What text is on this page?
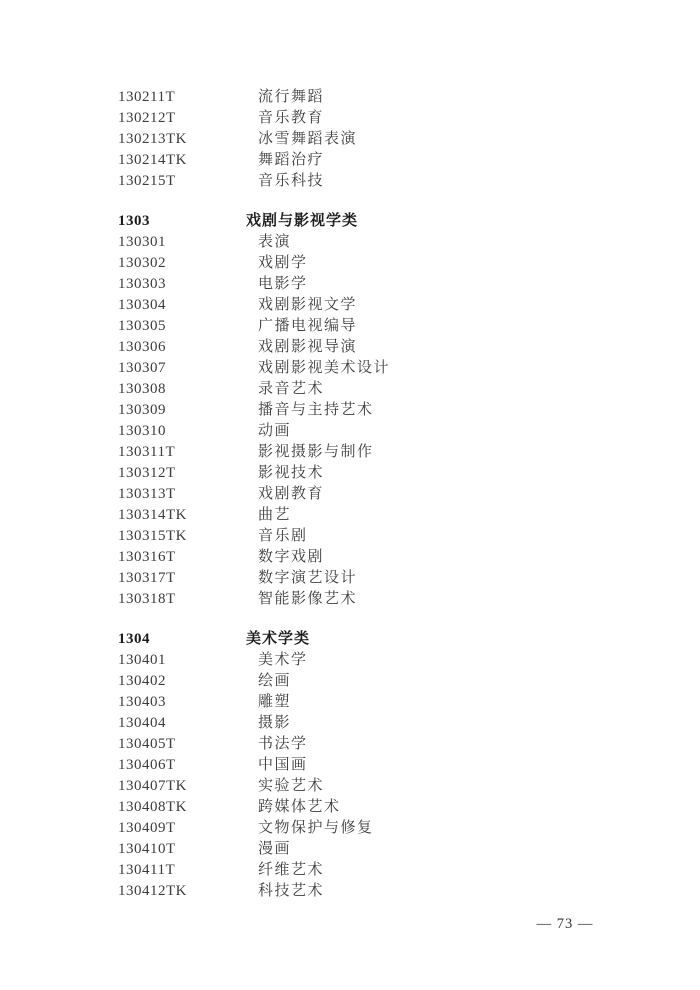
130211T	流行舞蹈
130212T	音乐教育
130213TK	冰雪舞蹈表演
130214TK	舞蹈治疗
130215T	音乐科技
1303	戏剧与影视学类
130301	表演
130302	戏剧学
130303	电影学
130304	戏剧影视文学
130305	广播电视编导
130306	戏剧影视导演
130307	戏剧影视美术设计
130308	录音艺术
130309	播音与主持艺术
130310	动画
130311T	影视摄影与制作
130312T	影视技术
130313T	戏剧教育
130314TK	曲艺
130315TK	音乐剧
130316T	数字戏剧
130317T	数字演艺设计
130318T	智能影像艺术
1304	美术学类
130401	美术学
130402	绘画
130403	雕塑
130404	摄影
130405T	书法学
130406T	中国画
130407TK	实验艺术
130408TK	跨媒体艺术
130409T	文物保护与修复
130410T	漫画
130411T	纤维艺术
130412TK	科技艺术
— 73 —
